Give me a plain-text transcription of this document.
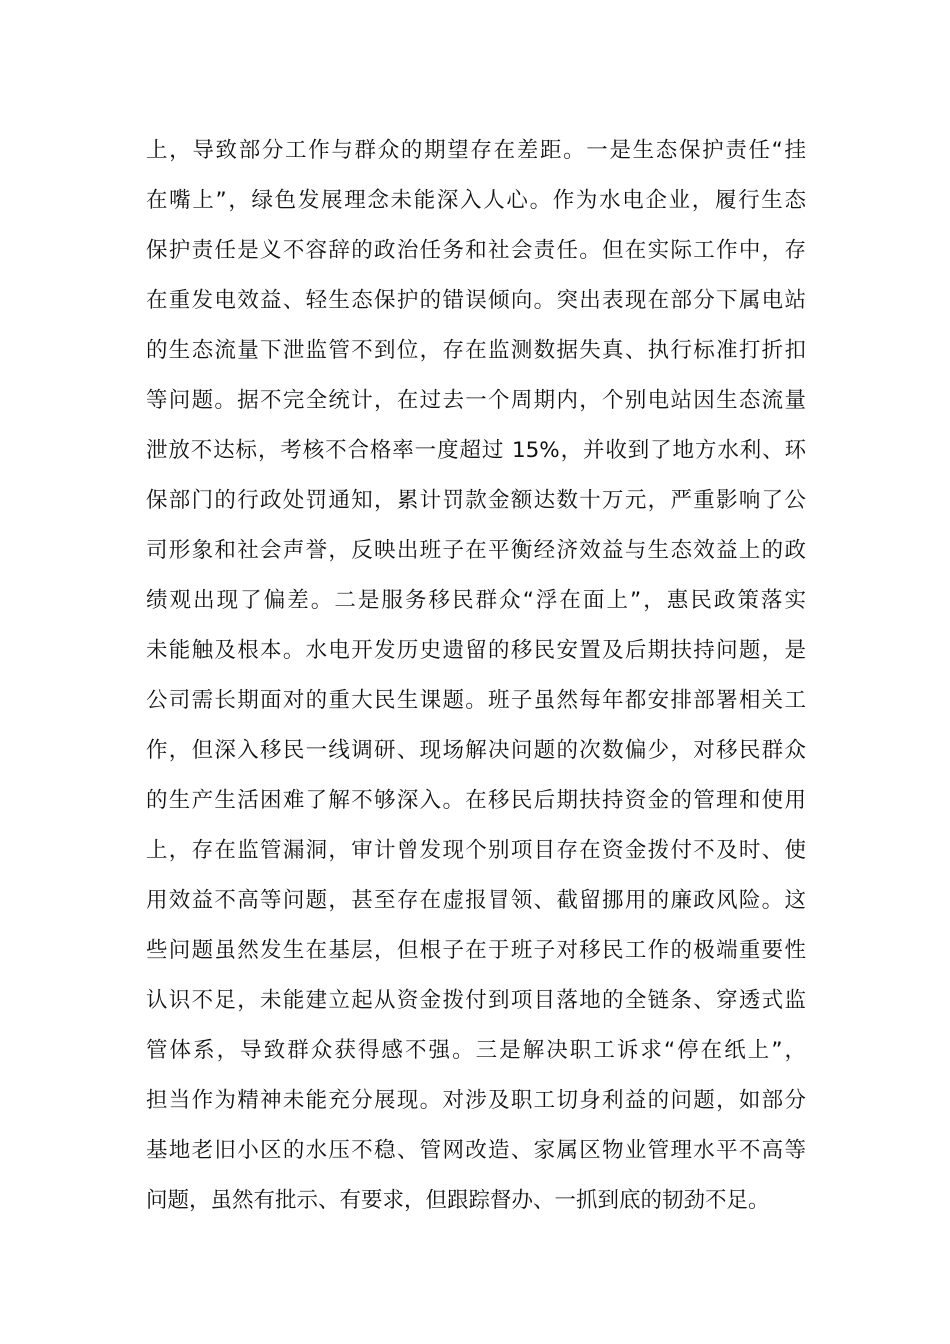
上，导致部分工作与群众的期望存在差距。一是生态保护责任“挂
在嘴上”，绿色发展理念未能深入人心。作为水电企业，履行生态
保护责任是义不容辞的政治任务和社会责任。但在实际工作中，存
在重发电效益、轻生态保护的错误倾向。突出表现在部分下属电站
的生态流量下泄监管不到位，存在监测数据失真、执行标准打折扣
等问题。据不完全统计，在过去一个周期内，个别电站因生态流量
泄放不达标，考核不合格率一度超过 15%，并收到了地方水利、环
保部门的行政处罚通知，累计罚款金额达数十万元，严重影响了公
司形象和社会声誉，反映出班子在平衡经济效益与生态效益上的政
绩观出现了偏差。二是服务移民群众“浮在面上”，惠民政策落实
未能触及根本。水电开发历史遗留的移民安置及后期扶持问题，是
公司需长期面对的重大民生课题。班子虽然每年都安排部署相关工
作，但深入移民一线调研、现场解决问题的次数偏少，对移民群众
的生产生活困难了解不够深入。在移民后期扶持资金的管理和使用
上，存在监管漏洞，审计曾发现个别项目存在资金拨付不及时、使
用效益不高等问题，甚至存在虚报冒领、截留挪用的廉政风险。这
些问题虽然发生在基层，但根子在于班子对移民工作的极端重要性
认识不足，未能建立起从资金拨付到项目落地的全链条、穿透式监
管体系，导致群众获得感不强。三是解决职工诉求“停在纸上”，
担当作为精神未能充分展现。对涉及职工切身利益的问题，如部分
基地老旧小区的水压不稳、管网改造、家属区物业管理水平不高等
问题，虽然有批示、有要求，但跟踪督办、一抓到底的韧劲不足。
